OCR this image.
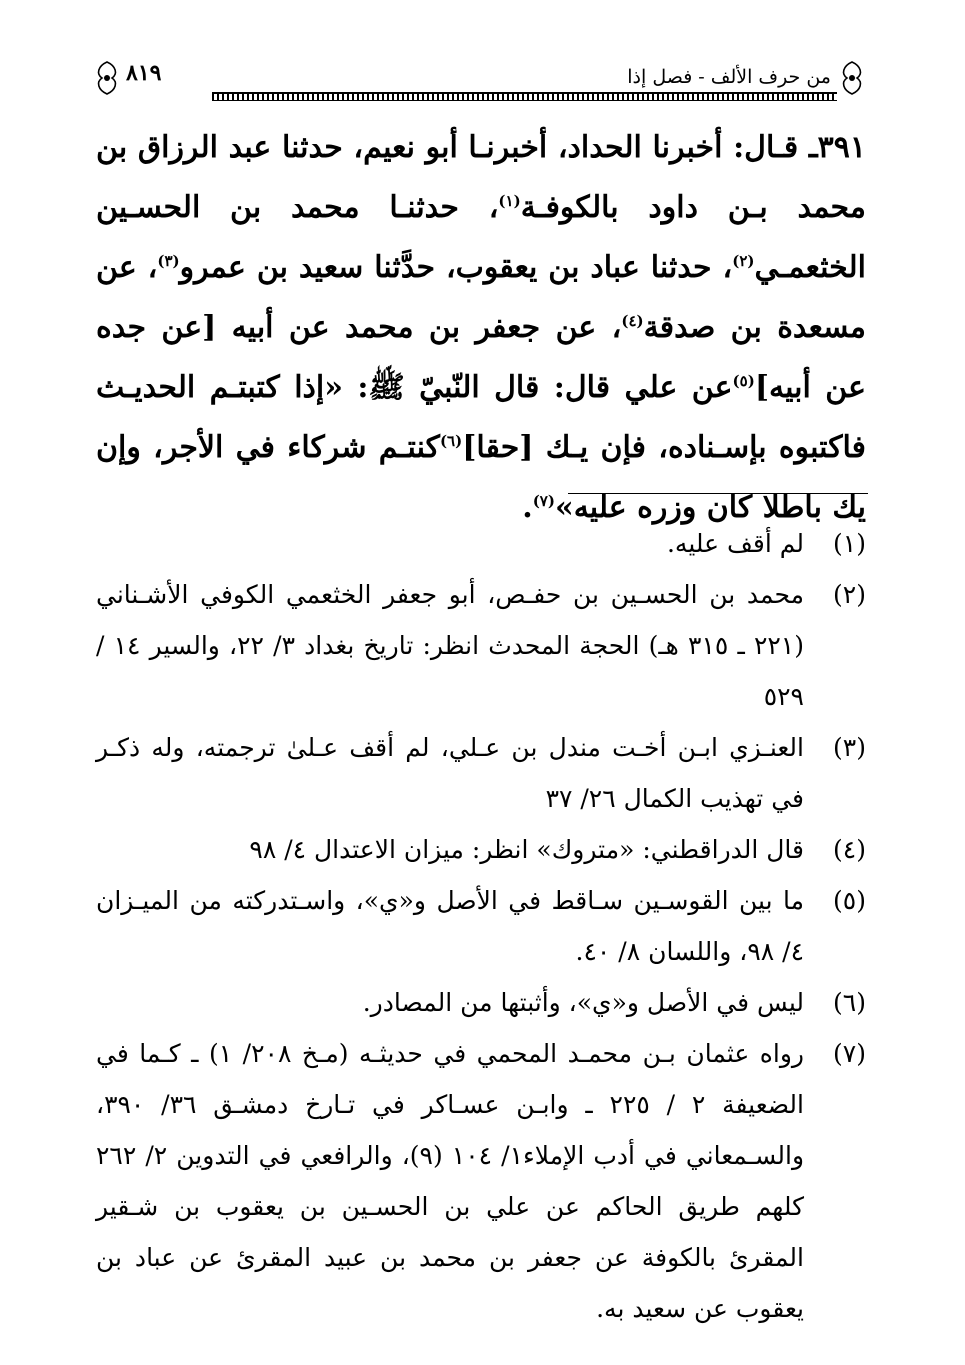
٨١٩	من حرف الألف - فصل إذا

٣٩١ـ قـال: أخبرنا الحداد، أخبرنـا أبو نعيم، حدثنا عبد الرزاق بن محمد بـن داود بالكوفـة$^{(١)}$، حدثنـا محمد بن الحسـين الخثعمـي$^{(٢)}$، حدثنا عباد بن يعقوب، حدَّثنا سعيد بن عمرو$^{(٣)}$، عن مسعدة بن صدقة$^{(٤)}$، عن جعفر بن محمد عن أبيه [عن جده عن أبيه]$^{(٥)}$عن علي قال: قال النّبيّ ﷺ: «إذا كتبتـم الحديـث فاكتبوه بإسـناده، فإن يـك [حقا]$^{(٦)}$كنتـم شركاء في الأجر، وإن يك باطلا كان وزره عليه»$^{(٧)}$.

(١)
لم أقف عليه.
(٢)
محمد بن الحسـين بن حفـص، أبو جعفر الخثعمي الكوفي الأشـناني (٢٢١ ـ ٣١٥ هـ) الحجة المحدث انظر: تاريخ بغداد ٣/ ٢٢، والسير ١٤ / ٥٢٩
(٣)
العنـزي ابـن أخـت مندل بن عـلي، لم أقف عـلىٰ ترجمته، وله ذكـر في تهذيب الكمال ٢٦/ ٣٧
(٤)
قال الدراقطني: «متروك» انظر: ميزان الاعتدال ٤/ ٩٨
(٥)
ما بين القوسـين سـاقط في الأصل و«ي»، واسـتدركته من الميـزان ٤/ ٩٨، واللسان ٨/ ٤٠.
(٦)
ليس في الأصل و«ي»، وأثبتها من المصادر.
(٧)
رواه عثمان بـن محمـد المحمي في حديثـه (مـخ ٢٠٨/ ١) ـ كـما في الضعيفة ٢ / ٢٢٥ ـ وابـن عسـاكر في تـارخ دمشـق ٣٦/ ٣٩٠، والسـمعاني في أدب الإملاء١/ ١٠٤ (٩)، والرافعي في التدوين ٢/ ٢٦٢ كلهم طريق الحاكم عن علي بن الحسـين بن يعقوب بن شـقير المقرئ بالكوفة عن جعفر بن محمد بن عبيد المقرئ عن عباد بن يعقوب عن سعيد به.
